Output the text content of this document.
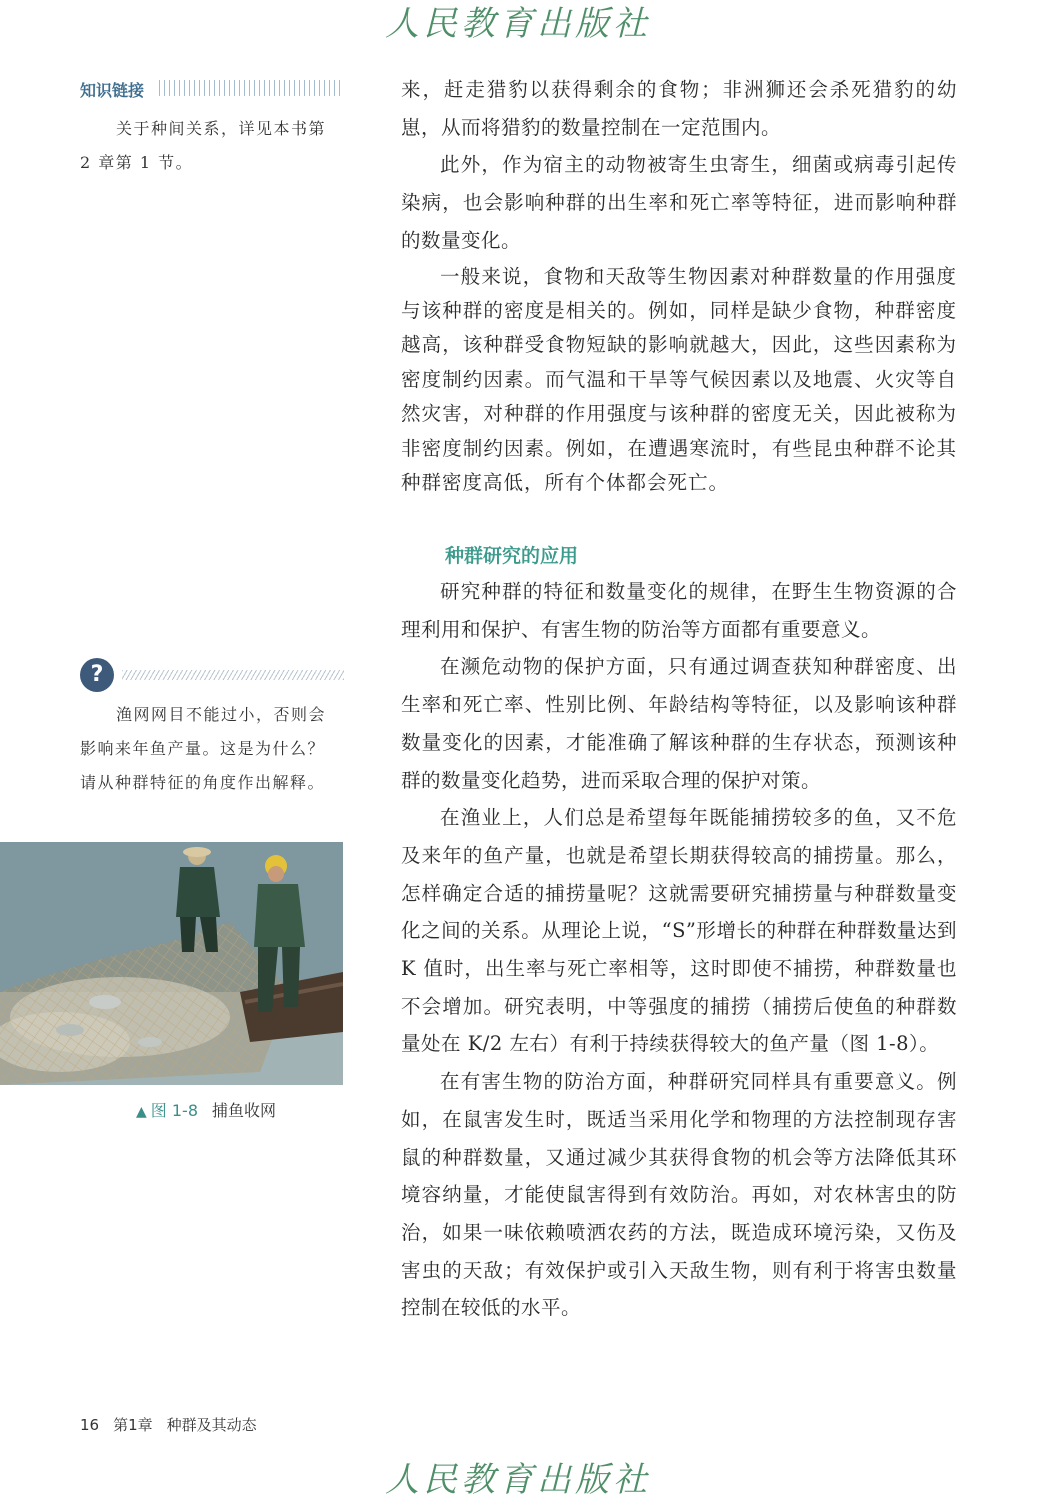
人民教育出版社
知识链接
关于种间关系，详见本书第
2 章第 1 节。
?
渔网网目不能过小，否则会
影响来年鱼产量。这是为什么？
请从种群特征的角度作出解释。
▲ 图 1-8 捕鱼收网

来，赶走猎豹以获得剩余的食物；非洲狮还会杀死猎豹的幼崽，从而将猎豹的数量控制在一定范围内。

此外，作为宿主的动物被寄生虫寄生，细菌或病毒引起传染病，也会影响种群的出生率和死亡率等特征，进而影响种群的数量变化。

一般来说，食物和天敌等生物因素对种群数量的作用强度与该种群的密度是相关的。例如，同样是缺少食物，种群密度越高，该种群受食物短缺的影响就越大，因此，这些因素称为密度制约因素。而气温和干旱等气候因素以及地震、火灾等自然灾害，对种群的作用强度与该种群的密度无关，因此被称为非密度制约因素。例如，在遭遇寒流时，有些昆虫种群不论其种群密度高低，所有个体都会死亡。

种群研究的应用

研究种群的特征和数量变化的规律，在野生生物资源的合理利用和保护、有害生物的防治等方面都有重要意义。

在濒危动物的保护方面，只有通过调查获知种群密度、出生率和死亡率、性别比例、年龄结构等特征，以及影响该种群数量变化的因素，才能准确了解该种群的生存状态，预测该种群的数量变化趋势，进而采取合理的保护对策。

在渔业上，人们总是希望每年既能捕捞较多的鱼，又不危及来年的鱼产量，也就是希望长期获得较高的捕捞量。那么，怎样确定合适的捕捞量呢？这就需要研究捕捞量与种群数量变化之间的关系。从理论上说，“S”形增长的种群在种群数量达到 K 值时，出生率与死亡率相等，这时即使不捕捞，种群数量也不会增加。研究表明，中等强度的捕捞（捕捞后使鱼的种群数量处在 K/2 左右）有利于持续获得较大的鱼产量（图 1-8）。

在有害生物的防治方面，种群研究同样具有重要意义。例如，在鼠害发生时，既适当采用化学和物理的方法控制现存害鼠的种群数量，又通过减少其获得食物的机会等方法降低其环境容纳量，才能使鼠害得到有效防治。再如，对农林害虫的防治，如果一味依赖喷洒农药的方法，既造成环境污染，又伤及害虫的天敌；有效保护或引入天敌生物，则有利于将害虫数量控制在较低的水平。

16 第1章 种群及其动态
人民教育出版社
